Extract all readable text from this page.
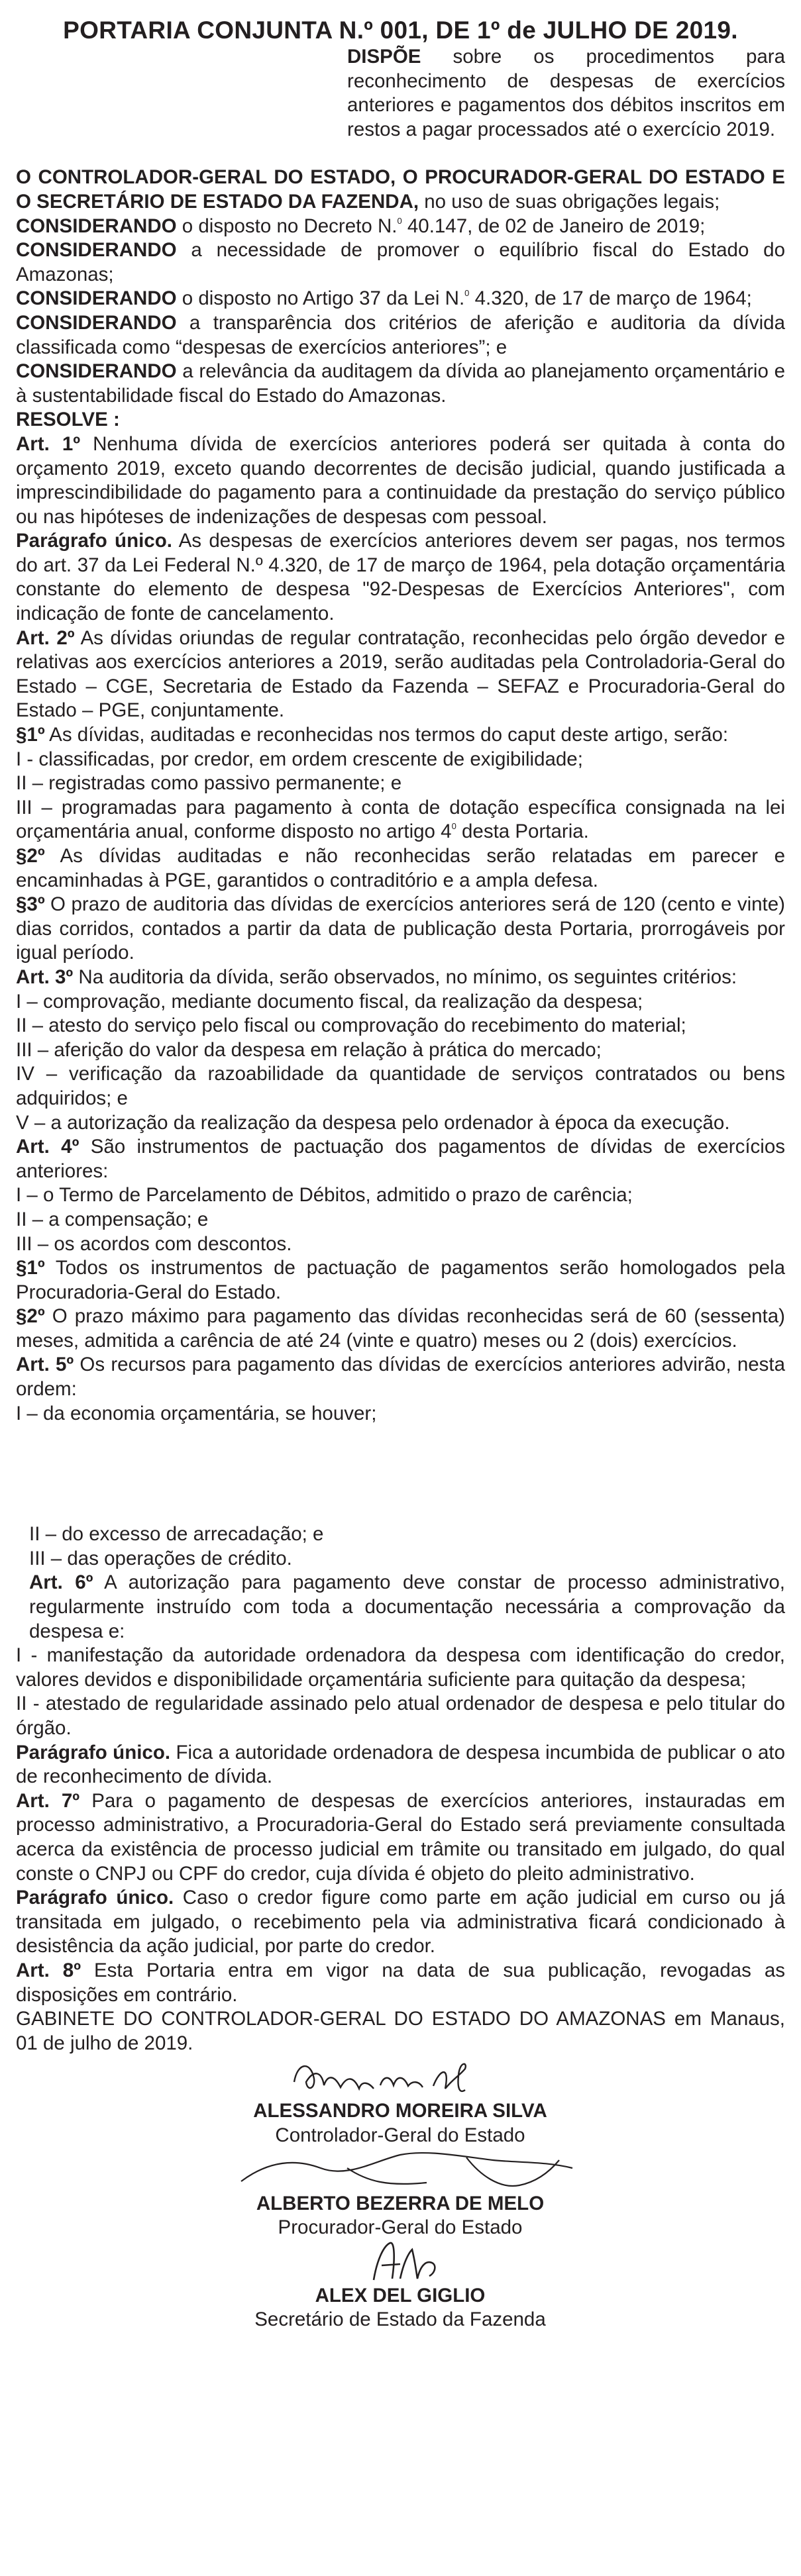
PORTARIA CONJUNTA N.º 001, DE 1º de JULHO DE 2019.

DISPÕE sobre os procedimentos para reconhecimento de despesas de exercícios anteriores e pagamentos dos débitos inscritos em restos a pagar processados até o exercício 2019.

O CONTROLADOR-GERAL DO ESTADO, O PROCURADOR-GERAL DO ESTADO E O SECRETÁRIO DE ESTADO DA FAZENDA, no uso de suas obrigações legais;

CONSIDERANDO o disposto no Decreto N.$^0$ 40.147, de 02 de Janeiro de 2019;

CONSIDERANDO a necessidade de promover o equilíbrio fiscal do Estado do Amazonas;

CONSIDERANDO o disposto no Artigo 37 da Lei N.$^0$ 4.320, de 17 de março de 1964;

CONSIDERANDO a transparência dos critérios de aferição e auditoria da dívida classificada como “despesas de exercícios anteriores”; e

CONSIDERANDO a relevância da auditagem da dívida ao planejamento orçamentário e à sustentabilidade fiscal do Estado do Amazonas.

RESOLVE :

Art. 1º Nenhuma dívida de exercícios anteriores poderá ser quitada à conta do orçamento 2019, exceto quando decorrentes de decisão judicial, quando justificada a imprescindibilidade do pagamento para a continuidade da prestação do serviço público ou nas hipóteses de indenizações de despesas com pessoal.

Parágrafo único. As despesas de exercícios anteriores devem ser pagas, nos termos do art. 37 da Lei Federal N.º 4.320, de 17 de março de 1964, pela dotação orçamentária constante do elemento de despesa "92-Despesas de Exercícios Anteriores", com indicação de fonte de cancelamento.

Art. 2º As dívidas oriundas de regular contratação, reconhecidas pelo órgão devedor e relativas aos exercícios anteriores a 2019, serão auditadas pela Controladoria-Geral do Estado – CGE, Secretaria de Estado da Fazenda – SEFAZ e Procuradoria-Geral do Estado – PGE, conjuntamente.

§1º As dívidas, auditadas e reconhecidas nos termos do caput deste artigo, serão:

I - classificadas, por credor, em ordem crescente de exigibilidade;

II – registradas como passivo permanente; e

III – programadas para pagamento à conta de dotação específica consignada na lei orçamentária anual, conforme disposto no artigo $4^0$ desta Portaria.

§2º As dívidas auditadas e não reconhecidas serão relatadas em parecer e encaminhadas à PGE, garantidos o contraditório e a ampla defesa.

§3º O prazo de auditoria das dívidas de exercícios anteriores será de 120 (cento e vinte) dias corridos, contados a partir da data de publicação desta Portaria, prorrogáveis por igual período.

Art. 3º Na auditoria da dívida, serão observados, no mínimo, os seguintes critérios:

I – comprovação, mediante documento fiscal, da realização da despesa;

II – atesto do serviço pelo fiscal ou comprovação do recebimento do material;

III – aferição do valor da despesa em relação à prática do mercado;

IV – verificação da razoabilidade da quantidade de serviços contratados ou bens adquiridos; e

V – a autorização da realização da despesa pelo ordenador à época da execução.

Art. 4º São instrumentos de pactuação dos pagamentos de dívidas de exercícios anteriores:

I – o Termo de Parcelamento de Débitos, admitido o prazo de carência;

II – a compensação; e

III – os acordos com descontos.

§1º Todos os instrumentos de pactuação de pagamentos serão homologados pela Procuradoria-Geral do Estado.

§2º O prazo máximo para pagamento das dívidas reconhecidas será de 60 (sessenta) meses, admitida a carência de até 24 (vinte e quatro) meses ou 2 (dois) exercícios.

Art. 5º Os recursos para pagamento das dívidas de exercícios anteriores advirão, nesta ordem:

I – da economia orçamentária, se houver;

II – do excesso de arrecadação; e

III – das operações de crédito.

Art. 6º A autorização para pagamento deve constar de processo administrativo, regularmente instruído com toda a documentação necessária a comprovação da despesa e:

I - manifestação da autoridade ordenadora da despesa com identificação do credor, valores devidos e disponibilidade orçamentária suficiente para quitação da despesa;

II - atestado de regularidade assinado pelo atual ordenador de despesa e pelo titular do órgão.

Parágrafo único. Fica a autoridade ordenadora de despesa incumbida de publicar o ato de reconhecimento de dívida.

Art. 7º Para o pagamento de despesas de exercícios anteriores, instauradas em processo administrativo, a Procuradoria-Geral do Estado será previamente consultada acerca da existência de processo judicial em trâmite ou transitado em julgado, do qual conste o CNPJ ou CPF do credor, cuja dívida é objeto do pleito administrativo.

Parágrafo único. Caso o credor figure como parte em ação judicial em curso ou já transitada em julgado, o recebimento pela via administrativa ficará condicionado à desistência da ação judicial, por parte do credor.

Art. 8º Esta Portaria entra em vigor na data de sua publicação, revogadas as disposições em contrário.

GABINETE DO CONTROLADOR-GERAL DO ESTADO DO AMAZONAS em Manaus, 01 de julho de 2019.

ALESSANDRO MOREIRA SILVA
Controlador-Geral do Estado
ALBERTO BEZERRA DE MELO
Procurador-Geral do Estado
ALEX DEL GIGLIO
Secretário de Estado da Fazenda
